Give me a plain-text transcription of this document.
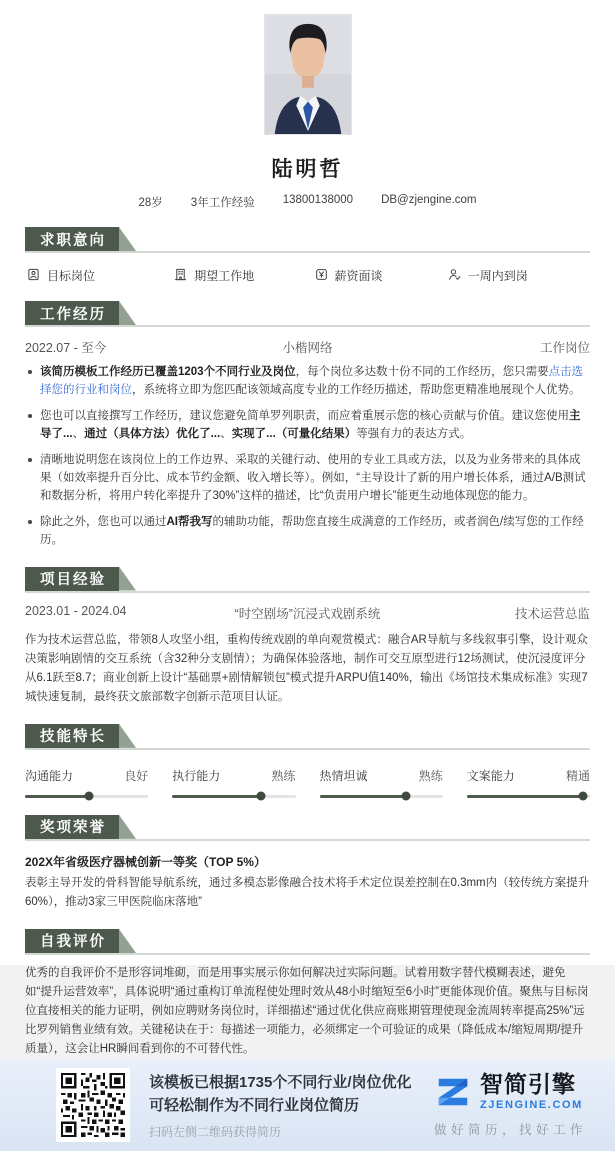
陆明哲
28岁 3年工作经验 13800138000 DB@zjengine.com
求职意向
目标岗位	期望工作地	薪资面谈	一周内到岗
工作经历
2022.07 - 至今	小楷网络	工作岗位
该简历模板工作经历已覆盖1203个不同行业及岗位，每个岗位多达数十份不同的工作经历，您只需要点击选择您的行业和岗位，系统将立即为您匹配该领域高度专业的工作经历描述，帮助您更精准地展现个人优势。
您也可以直接撰写工作经历，建议您避免简单罗列职责，而应着重展示您的核心贡献与价值。建议您使用主导了...、通过（具体方法）优化了...、实现了...（可量化结果）等强有力的表达方式。
清晰地说明您在该岗位上的工作边界、采取的关键行动、使用的专业工具或方法，以及为业务带来的具体成果（如效率提升百分比、成本节约金额、收入增长等）。例如，“主导设计了新的用户增长体系，通过A/B测试和数据分析，将用户转化率提升了30%”这样的描述，比“负责用户增长”能更生动地体现您的能力。
除此之外，您也可以通过AI帮我写的辅助功能，帮助您直接生成满意的工作经历，或者润色/续写您的工作经历。
项目经验
2023.01 - 2024.04	“时空剧场”沉浸式戏剧系统	技术运营总监
作为技术运营总监，带领8人攻坚小组，重构传统戏剧的单向观赏模式：融合AR导航与多线叙事引擎，设计观众决策影响剧情的交互系统（含32种分支剧情）；为确保体验落地，制作可交互原型进行12场测试，使沉浸度评分从6.1跃至8.7；商业创新上设计“基础票+剧情解锁包”模式提升ARPU值140%，输出《场馆技术集成标准》实现7城快速复制，最终获文旅部数字创新示范项目认证。
技能特长
沟通能力	良好 执行能力	熟练 热情坦诚	熟练 文案能力	精通
奖项荣誉
202X年省级医疗器械创新一等奖（TOP 5%）
表彰主导开发的骨科智能导航系统，通过多模态影像融合技术将手术定位误差控制在0.3mm内（较传统方案提升60%），推动3家三甲医院临床落地”
自我评价
优秀的自我评价不是形容词堆砌，而是用事实展示你如何解决过实际问题。试着用数字替代模糊表述，避免如“提升运营效率”，具体说明“通过重构订单流程使处理时效从48小时缩短至6小时”更能体现价值。聚焦与目标岗位直接相关的能力证明，例如应聘财务岗位时，详细描述“通过优化供应商账期管理使现金流周转率提高25%”远比罗列销售业绩有效。关键秘诀在于：每描述一项能力，必须绑定一个可验证的成果（降低成本/缩短周期/提升质量），这会让HR瞬间看到你的不可替代性。
该模板已根据1735个不同行业/岗位优化
可轻松制作为不同行业岗位简历
扫码左侧二维码获得简历
智简引擎
ZJENGINE.COM
做好简历，找好工作
